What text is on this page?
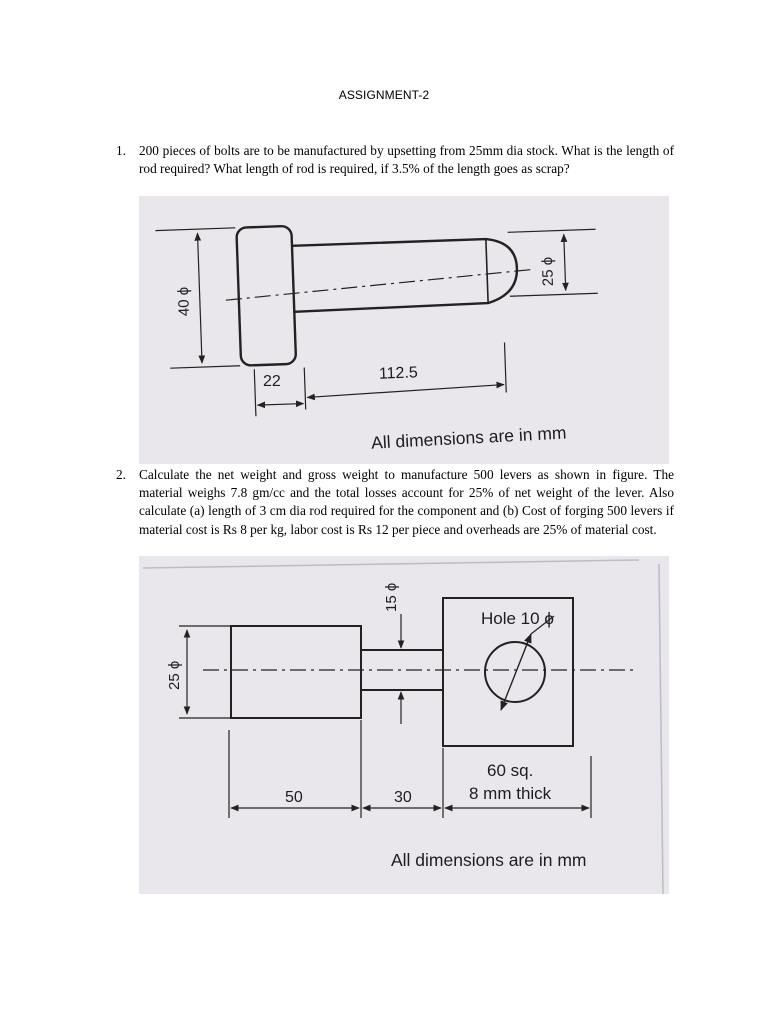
ASSIGNMENT-2
1. 200 pieces of bolts are to be manufactured by upsetting from 25mm dia stock. What is the length of rod required? What length of rod is required, if 3.5% of the length goes as scrap?
40 ϕ
25 ϕ
22	112.5
All dimensions are in mm
2. Calculate the net weight and gross weight to manufacture 500 levers as shown in figure. The material weighs 7.8 gm/cc and the total losses account for 25% of net weight of the lever. Also calculate (a) length of 3 cm dia rod required for the component and (b) Cost of forging 500 levers if material cost is Rs 8 per kg, labor cost is Rs 12 per piece and overheads are 25% of material cost.
25 ϕ
15 ϕ
Hole 10 ϕ
50	30
60 sq.
8 mm thick
All dimensions are in mm
